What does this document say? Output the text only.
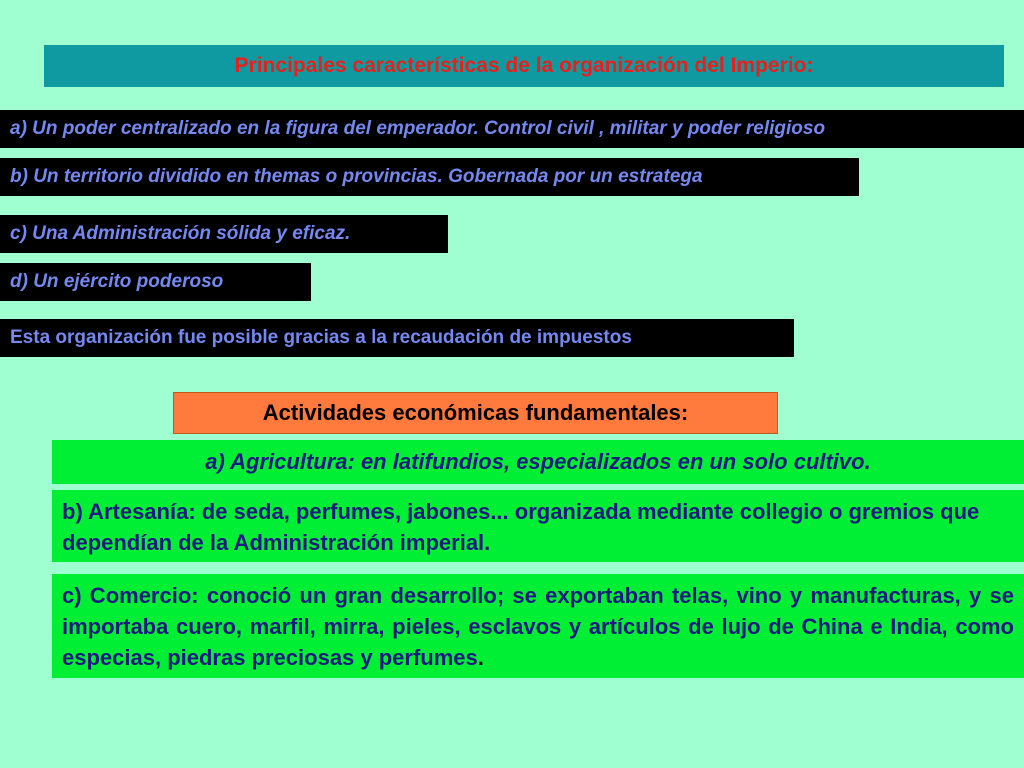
Principales características de la organización del Imperio:
a) Un poder centralizado en la figura del emperador. Control civil , militar y poder religioso
b) Un territorio dividido en themas o provincias. Gobernada por un estratega
c) Una Administración sólida y eficaz.
d) Un ejército poderoso
Esta organización fue posible gracias a la recaudación de impuestos
Actividades económicas fundamentales:
a) Agricultura: en latifundios, especializados en un solo cultivo.
b) Artesanía: de seda, perfumes, jabones... organizada mediante collegio o gremios que dependían de la Administración imperial.
c) Comercio: conoció un gran desarrollo; se exportaban telas, vino y manufacturas, y se importaba cuero, marfil, mirra, pieles, esclavos y artículos de lujo de China e India, como especias, piedras preciosas y perfumes.
